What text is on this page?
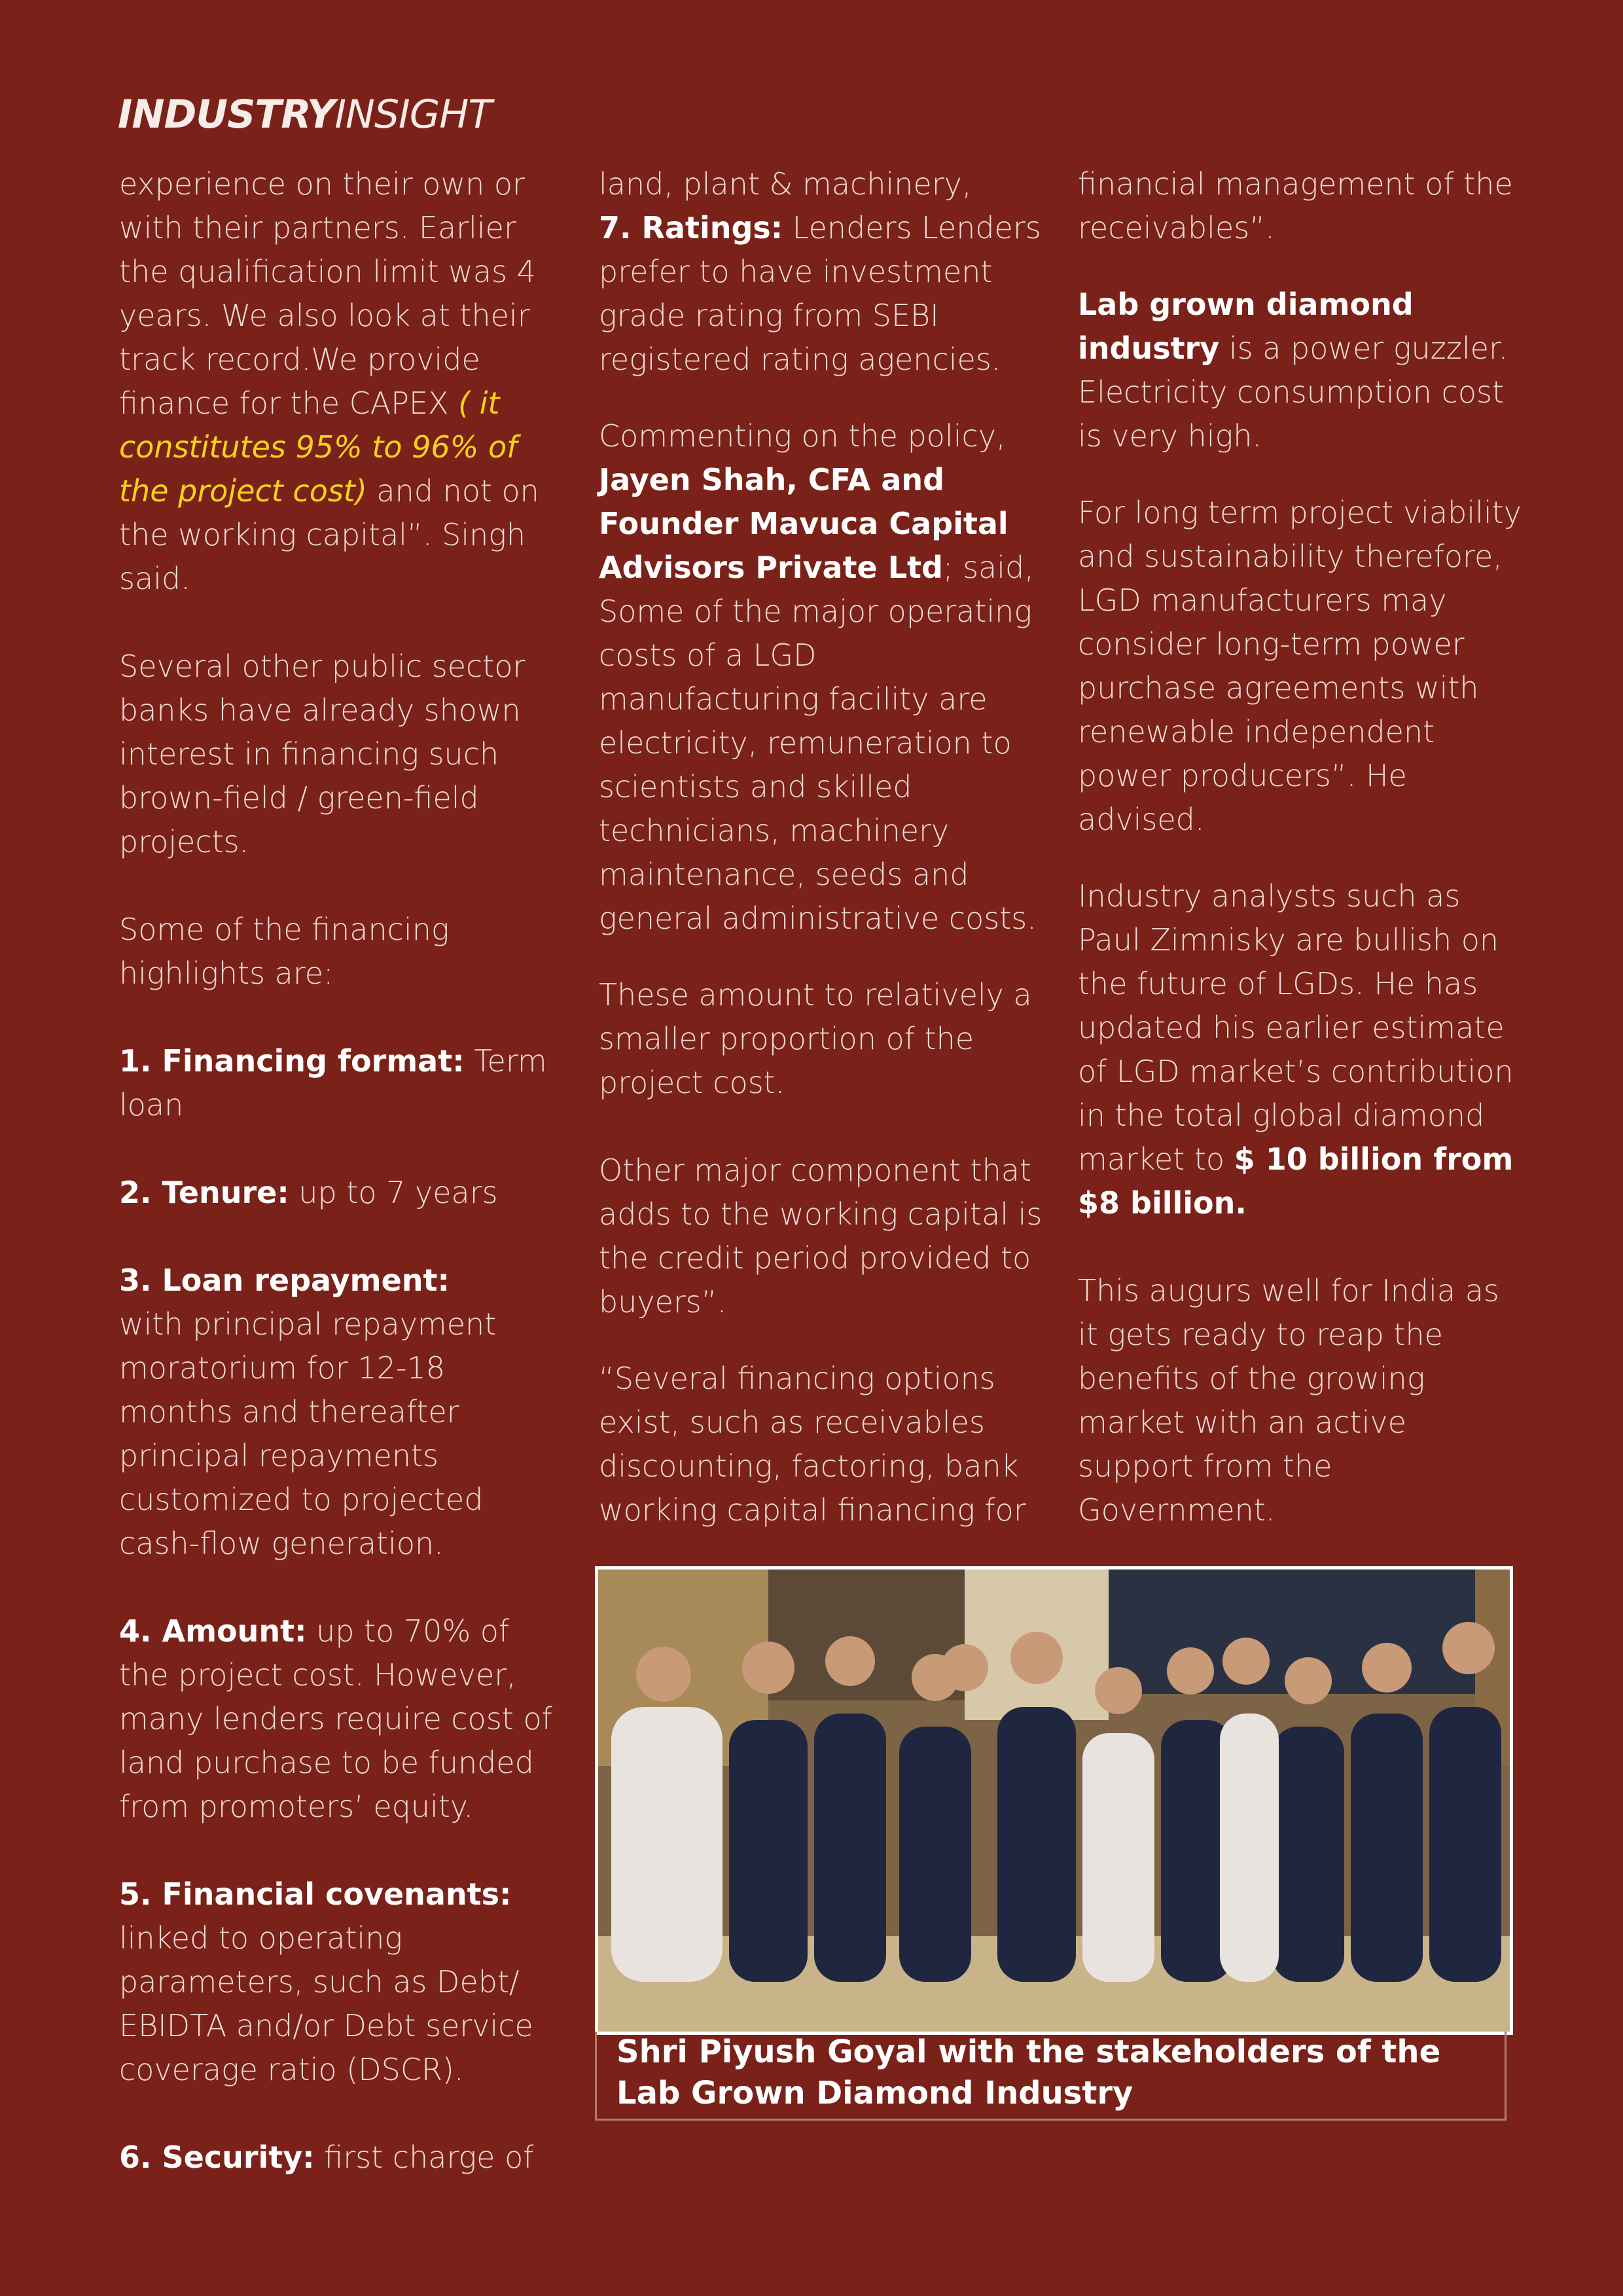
INDUSTRYINSIGHT

experience on their own or with their partners. Earlier the qualification limit was 4 years. We also look at their track record.We provide finance for the CAPEX ( it constitutes 95% to 96% of the project cost) and not on the working capital”. Singh said.

Several other public sector banks have already shown interest in financing such brown-field / green-field projects.

Some of the financing highlights are:

1. Financing format: Term loan

2. Tenure: up to 7 years

3. Loan repayment:
with principal repayment moratorium for 12-18 months and thereafter principal repayments customized to projected cash-flow generation.

4. Amount: up to 70% of the project cost. However, many lenders require cost of land purchase to be funded from promoters’ equity.

5. Financial covenants:
linked to operating parameters, such as Debt/ EBIDTA and/or Debt service coverage ratio (DSCR).

6. Security: first charge of

land, plant & machinery,
7. Ratings: Lenders Lenders prefer to have investment grade rating from SEBI registered rating agencies.

Commenting on the policy,
Jayen Shah, CFA and Founder Mavuca Capital Advisors Private Ltd; said, Some of the major operating costs of a LGD manufacturing facility are electricity, remuneration to scientists and skilled technicians, machinery maintenance, seeds and general administrative costs.

These amount to relatively a smaller proportion of the project cost.

Other major component that adds to the working capital is the credit period provided to buyers”.

“Several financing options exist, such as receivables discounting, factoring, bank working capital financing for

financial management of the receivables”.

Lab grown diamond industry is a power guzzler. Electricity consumption cost is very high.

For long term project viability and sustainability therefore, LGD manufacturers may consider long-term power purchase agreements with renewable independent power producers”. He advised.

Industry analysts such as Paul Zimnisky are bullish on the future of LGDs. He has updated his earlier estimate of LGD market’s contribution in the total global diamond market to $ 10 billion from $8 billion.

This augurs well for India as it gets ready to reap the benefits of the growing market with an active support from the Government.

Shri Piyush Goyal with the stakeholders of the Lab Grown Diamond Industry
